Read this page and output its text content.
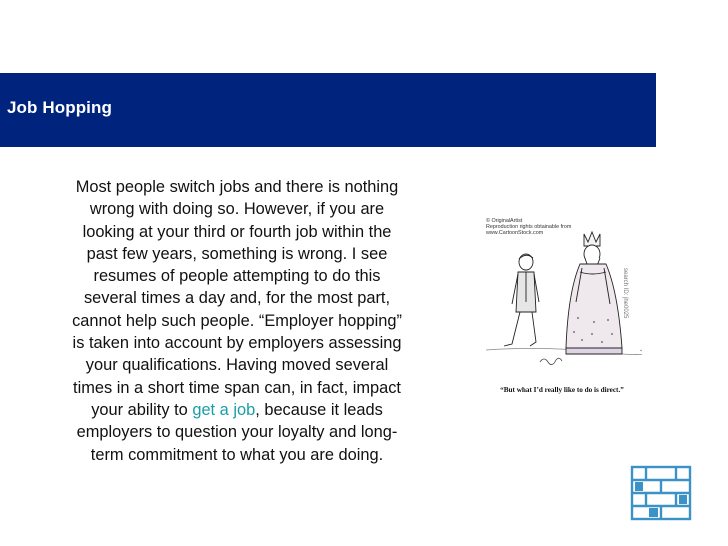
Job Hopping
Most people switch jobs and there is nothing wrong with doing so. However, if you are looking at your third or fourth job within the past few years, something is wrong. I see resumes of people attempting to do this several times a day and, for the most part, cannot help such people. “Employer hopping” is taken into account by employers assessing your qualifications. Having moved several times in a short time span can, in fact, impact your ability to get a job, because it leads employers to question your loyalty and long-term commitment to what you are doing.
© OriginalArtist
Reproduction rights obtainable from
www.CartoonStock.com
search ID: jhe0025
“But what I’d really like to do is direct.”
